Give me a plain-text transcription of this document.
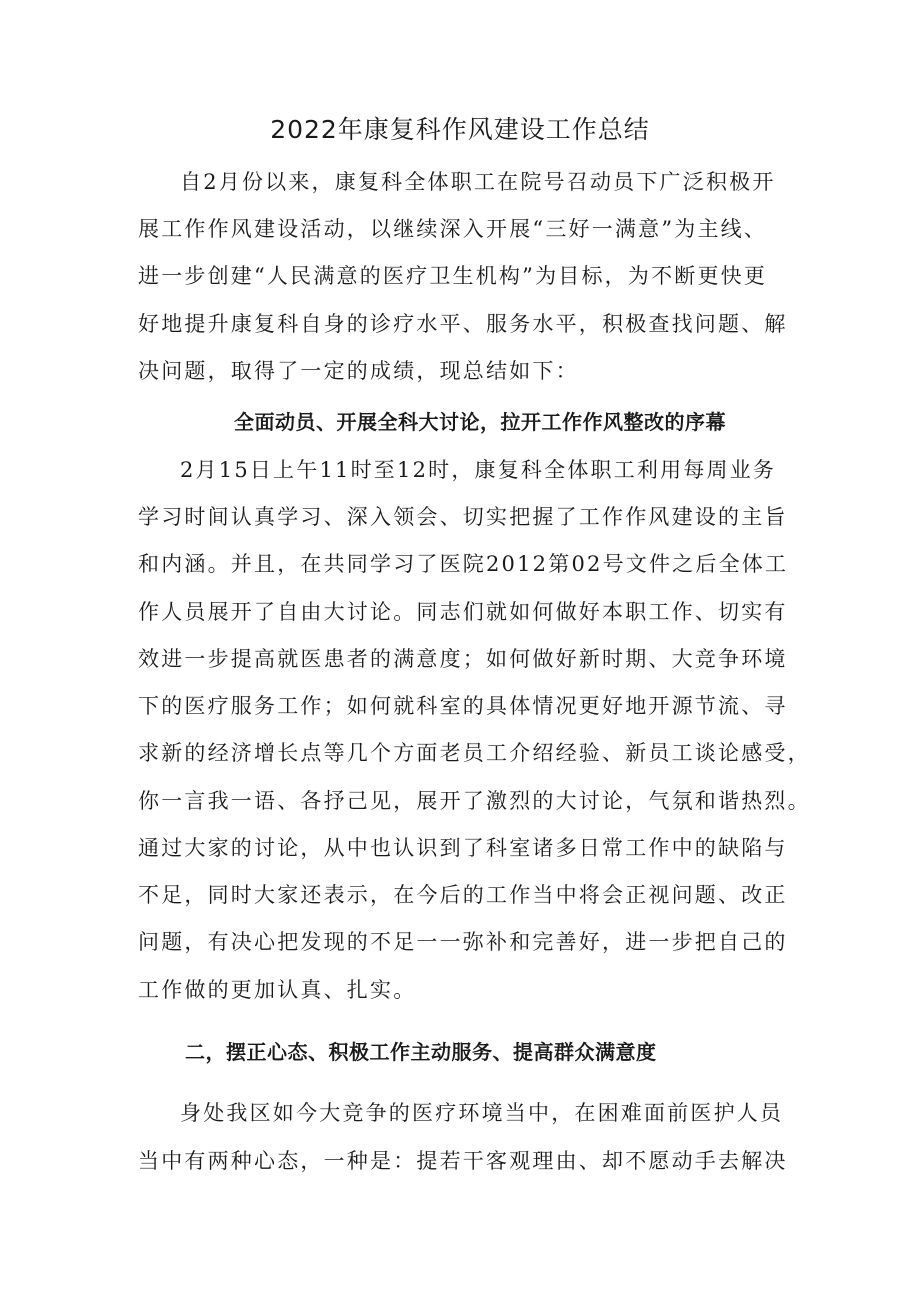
2022年康复科作风建设工作总结
自2月份以来，康复科全体职工在院号召动员下广泛积极开
展工作作风建设活动，以继续深入开展“三好一满意”为主线、
进一步创建“人民满意的医疗卫生机构”为目标，为不断更快更
好地提升康复科自身的诊疗水平、服务水平，积极查找问题、解
决问题，取得了一定的成绩，现总结如下：
全面动员、开展全科大讨论，拉开工作作风整改的序幕
2月15日上午11时至12时，康复科全体职工利用每周业务
学习时间认真学习、深入领会、切实把握了工作作风建设的主旨
和内涵。并且，在共同学习了医院2012第02号文件之后全体工
作人员展开了自由大讨论。同志们就如何做好本职工作、切实有
效进一步提高就医患者的满意度；如何做好新时期、大竞争环境
下的医疗服务工作；如何就科室的具体情况更好地开源节流、寻
求新的经济增长点等几个方面老员工介绍经验、新员工谈论感受，
你一言我一语、各抒己见，展开了激烈的大讨论，气氛和谐热烈。
通过大家的讨论，从中也认识到了科室诸多日常工作中的缺陷与
不足，同时大家还表示，在今后的工作当中将会正视问题、改正
问题，有决心把发现的不足一一弥补和完善好，进一步把自己的
工作做的更加认真、扎实。
二，摆正心态、积极工作主动服务、提高群众满意度
身处我区如今大竞争的医疗环境当中，在困难面前医护人员
当中有两种心态，一种是：提若干客观理由、却不愿动手去解决
